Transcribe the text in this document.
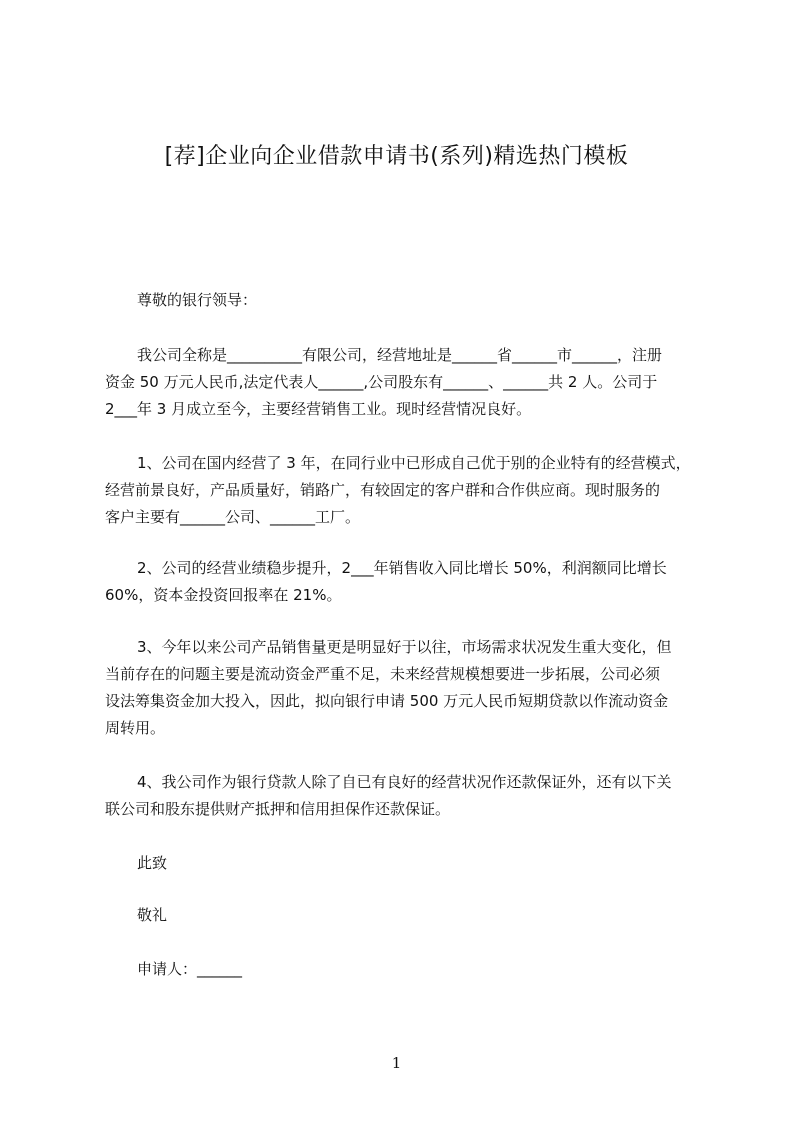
[荐]企业向企业借款申请书(系列)精选热门模板
尊敬的银行领导：
我公司全称是__________有限公司，经营地址是______省______市______，注册
资金 50 万元人民币,法定代表人______,公司股东有______、______共 2 人。公司于
2___年 3 月成立至今，主要经营销售工业。现时经营情况良好。
1、公司在国内经营了 3 年，在同行业中已形成自己优于别的企业特有的经营模式，
经营前景良好，产品质量好，销路广，有较固定的客户群和合作供应商。现时服务的
客户主要有______公司、______工厂。
2、公司的经营业绩稳步提升，2___年销售收入同比增长 50%，利润额同比增长
60%，资本金投资回报率在 21%。
3、今年以来公司产品销售量更是明显好于以往，市场需求状况发生重大变化，但
当前存在的问题主要是流动资金严重不足，未来经营规模想要进一步拓展，公司必须
设法筹集资金加大投入，因此，拟向银行申请 500 万元人民币短期贷款以作流动资金
周转用。
4、我公司作为银行贷款人除了自已有良好的经营状况作还款保证外，还有以下关
联公司和股东提供财产抵押和信用担保作还款保证。
此致
敬礼
申请人：______
1
